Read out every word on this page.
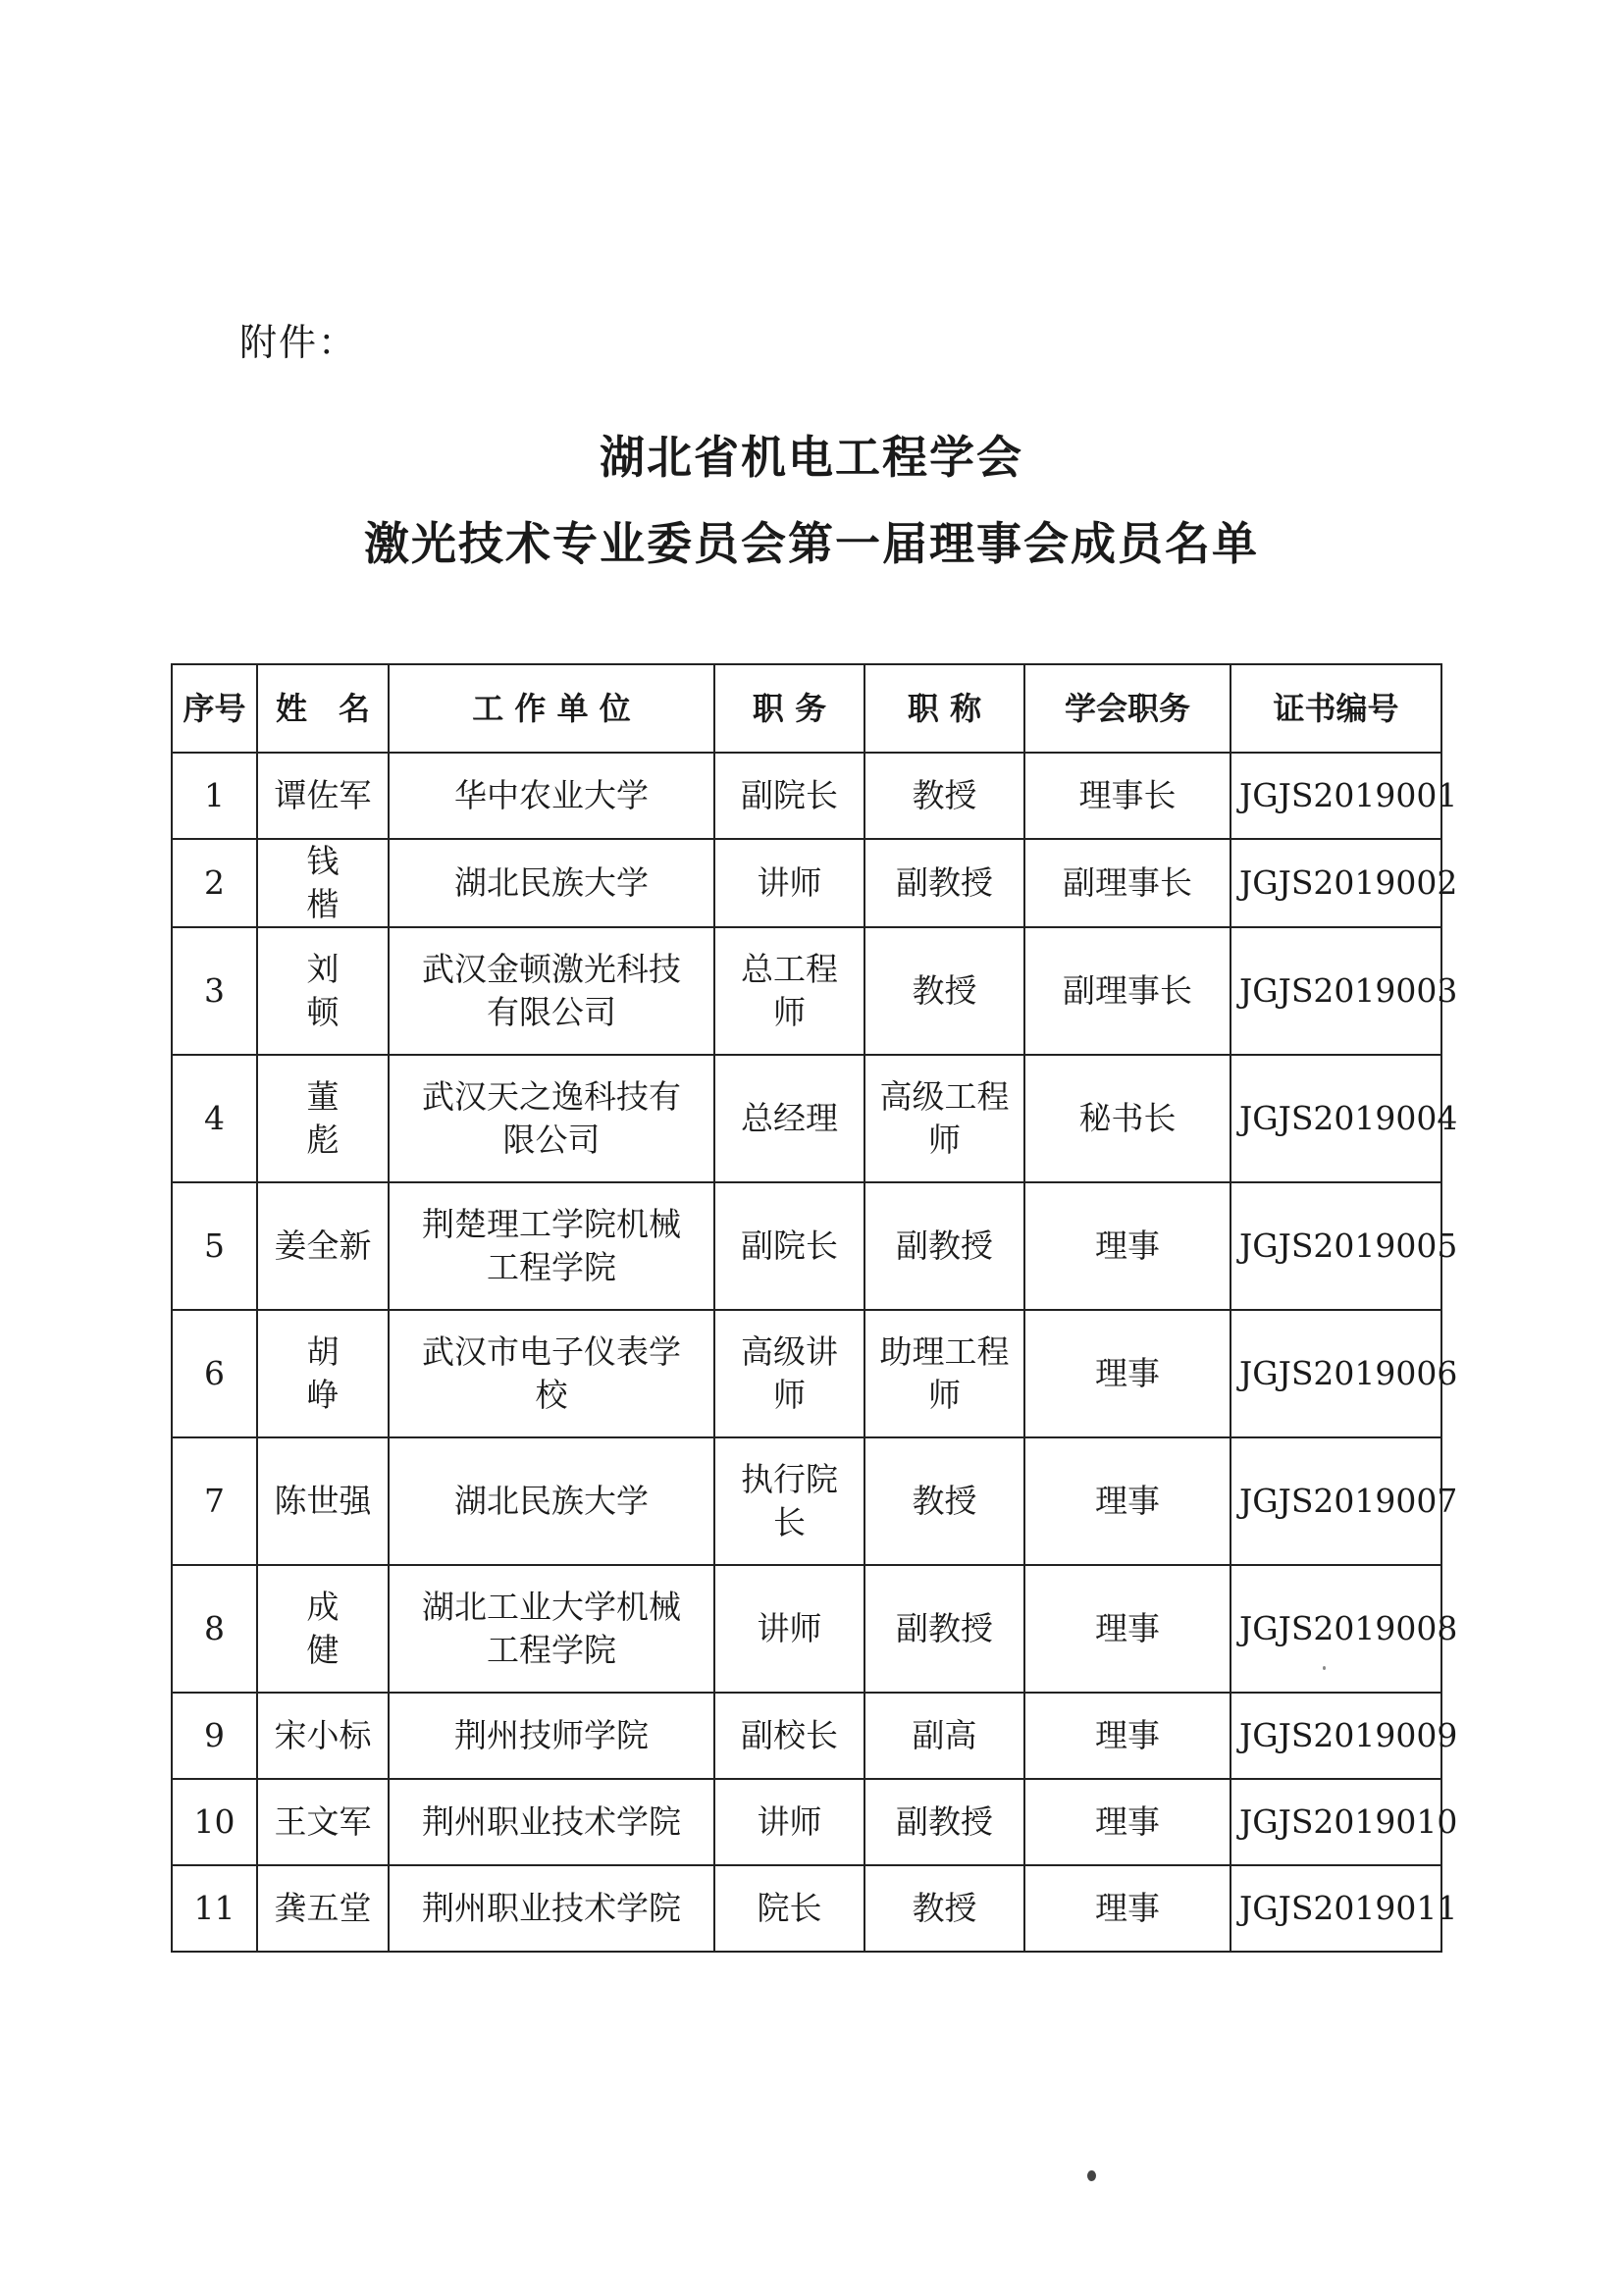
附件：
湖北省机电工程学会
激光技术专业委员会第一届理事会成员名单
序号	姓　名	工 作 单 位	职 务	职 称	学会职务	证书编号
1	谭佐军	华中农业大学	副院长	教授	理事长	JGJS2019001
2	钱楷	湖北民族大学	讲师	副教授	副理事长	JGJS2019002
3	刘顿	武汉金顿激光科技有限公司	总工程师	教授	副理事长	JGJS2019003
4	董彪	武汉天之逸科技有限公司	总经理	高级工程师	秘书长	JGJS2019004
5	姜全新	荆楚理工学院机械工程学院	副院长	副教授	理事	JGJS2019005
6	胡峥	武汉市电子仪表学校	高级讲师	助理工程师	理事	JGJS2019006
7	陈世强	湖北民族大学	执行院长	教授	理事	JGJS2019007
8	成健	湖北工业大学机械工程学院	讲师	副教授	理事	JGJS2019008
9	宋小标	荆州技师学院	副校长	副高	理事	JGJS2019009
10	王文军	荆州职业技术学院	讲师	副教授	理事	JGJS2019010
11	龚五堂	荆州职业技术学院	院长	教授	理事	JGJS2019011
